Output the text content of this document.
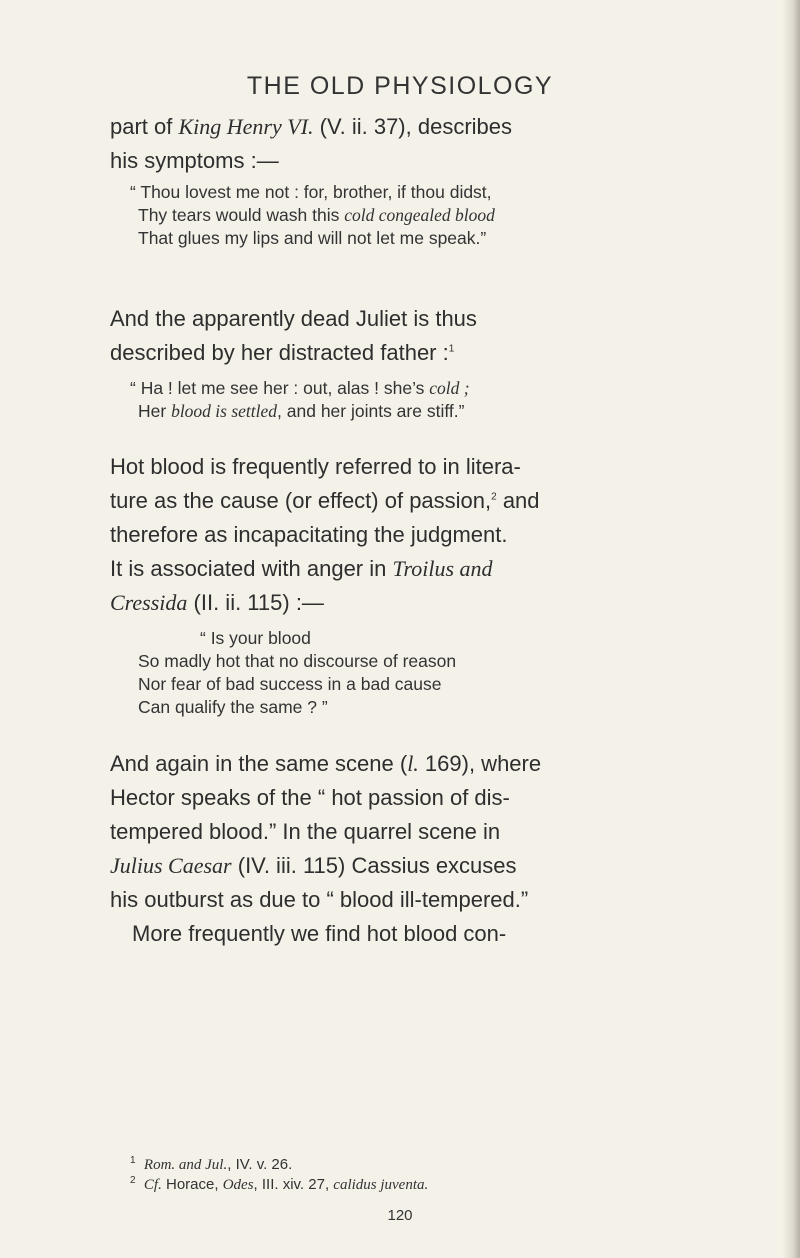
THE OLD PHYSIOLOGY
part of King Henry VI. (V. ii. 37), describes
his symptoms :—
“ Thou lovest me not : for, brother, if thou didst,
Thy tears would wash this cold congealed blood
That glues my lips and will not let me speak.”
And the apparently dead Juliet is thus
described by her distracted father :$^1$
“ Ha ! let me see her : out, alas ! she’s cold ;
Her blood is settled, and her joints are stiff.”
Hot blood is frequently referred to in litera-
ture as the cause (or effect) of passion,$^2$ and
therefore as incapacitating the judgment.
It is associated with anger in Troilus and
Cressida (II. ii. 115) :—
“ Is your blood
So madly hot that no discourse of reason
Nor fear of bad success in a bad cause
Can qualify the same ? ”
And again in the same scene (l. 169), where
Hector speaks of the “ hot passion of dis-
tempered blood.” In the quarrel scene in
Julius Caesar (IV. iii. 115) Cassius excuses
his outburst as due to “ blood ill-tempered.”
More frequently we find hot blood con-
$^1$ Rom. and Jul., IV. v. 26.
$^2$ Cf. Horace, Odes, III. xiv. 27, calidus juventa.
120
